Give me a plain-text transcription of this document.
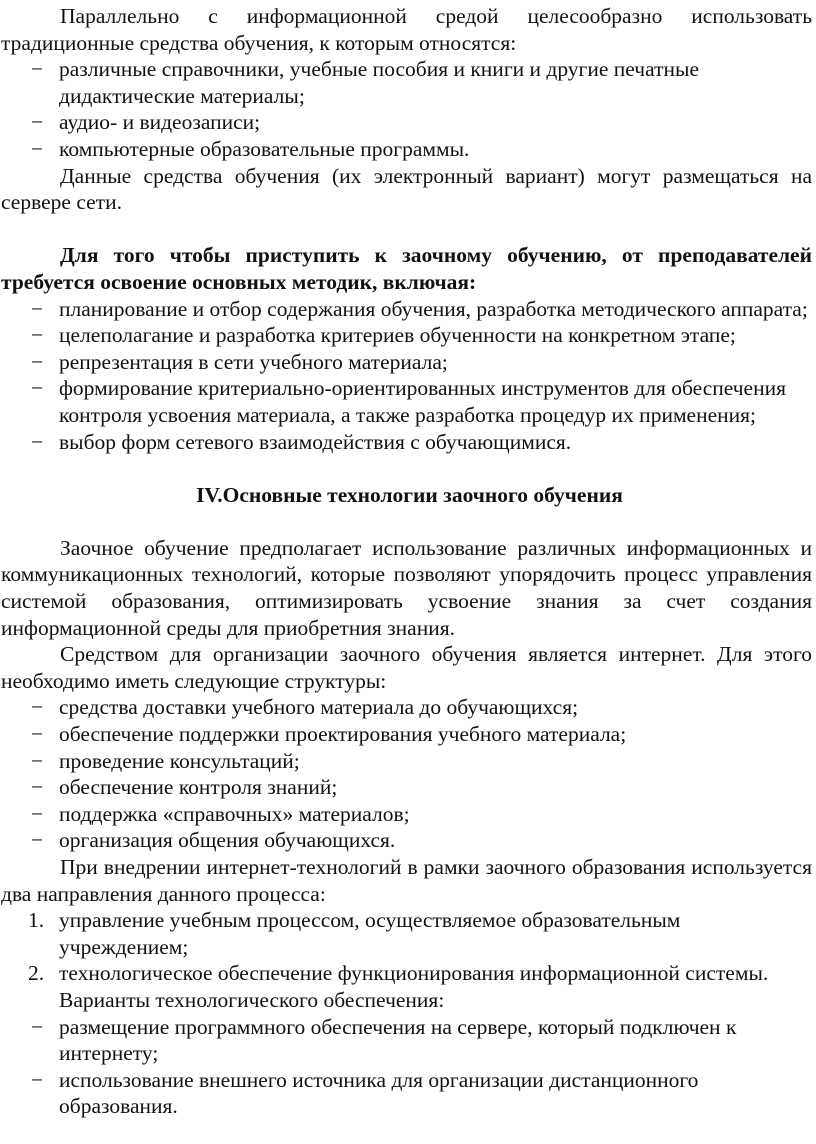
Параллельно с информационной средой целесообразно использовать традиционные средства обучения, к которым относятся:

− различные справочники, учебные пособия и книги и другие печатные дидактические материалы;
− аудио- и видеозаписи;
− компьютерные образовательные программы.

Данные средства обучения (их электронный вариант) могут размещаться на сервере сети.

Для того чтобы приступить к заочному обучению, от преподавателей требуется освоение основных методик, включая:

− планирование и отбор содержания обучения, разработка методического аппарата;
− целеполагание и разработка критериев обученности на конкретном этапе;
− репрезентация в сети учебного материала;
− формирование критериально-ориентированных инструментов для обеспечения контроля усвоения материала, а также разработка процедур их применения;
− выбор форм сетевого взаимодействия с обучающимися.

IV.Основные технологии заочного обучения

Заочное обучение предполагает использование различных информационных и коммуникационных технологий, которые позволяют упорядочить процесс управления системой образования, оптимизировать усвоение знания за счет создания информационной среды для приобретния знания.

Средством для организации заочного обучения является интернет. Для этого необходимо иметь следующие структуры:

− средства доставки учебного материала до обучающихся;
− обеспечение поддержки проектирования учебного материала;
− проведение консультаций;
− обеспечение контроля знаний;
− поддержка «справочных» материалов;
− организация общения обучающихся.

При внедрении интернет-технологий в рамки заочного образования используется два направления данного процесса:

1. управление учебным процессом, осуществляемое образовательным учреждением;
2. технологическое обеспечение функционирования информационной системы.

Варианты технологического обеспечения:

− размещение программного обеспечения на сервере, который подключен к интернету;
− использование внешнего источника для организации дистанционного образования.
